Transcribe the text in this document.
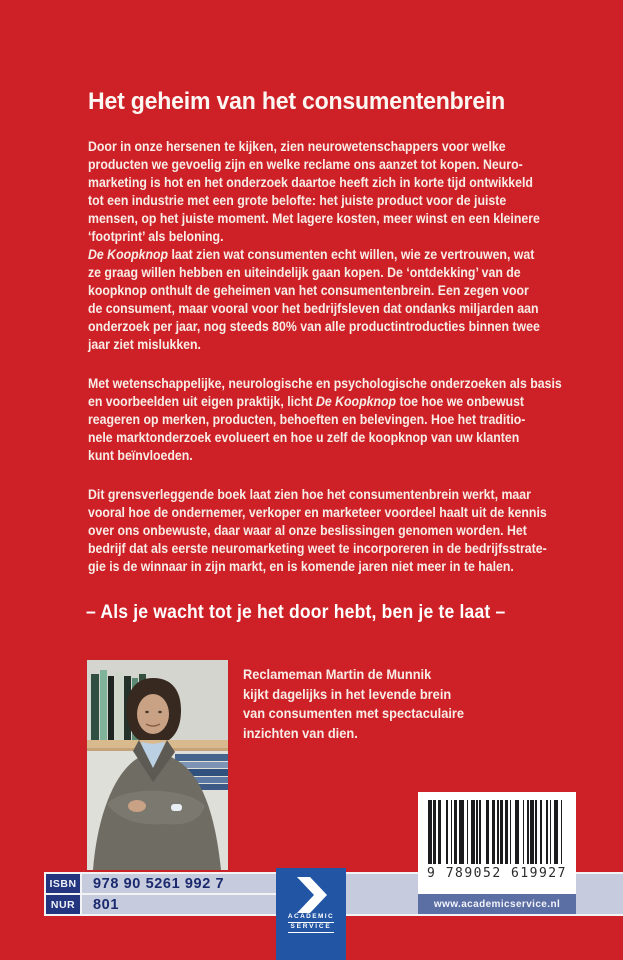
Het geheim van het consumentenbrein

Door in onze hersenen te kijken, zien neurowetenschappers voor welke
producten we gevoelig zijn en welke reclame ons aanzet tot kopen. Neuro-
marketing is hot en het onderzoek daartoe heeft zich in korte tijd ontwikkeld
tot een industrie met een grote belofte: het juiste product voor de juiste
mensen, op het juiste moment. Met lagere kosten, meer winst en een kleinere
‘footprint’ als beloning.
De Koopknop laat zien wat consumenten echt willen, wie ze vertrouwen, wat
ze graag willen hebben en uiteindelijk gaan kopen. De ‘ontdekking’ van de
koopknop onthult de geheimen van het consumentenbrein. Een zegen voor
de consument, maar vooral voor het bedrijfsleven dat ondanks miljarden aan
onderzoek per jaar, nog steeds 80% van alle productintroducties binnen twee
jaar ziet mislukken.

Met wetenschappelijke, neurologische en psychologische onderzoeken als basis
en voorbeelden uit eigen praktijk, licht De Koopknop toe hoe we onbewust
reageren op merken, producten, behoeften en belevingen. Hoe het traditio-
nele marktonderzoek evolueert en hoe u zelf de koopknop van uw klanten
kunt beïnvloeden.

Dit grensverleggende boek laat zien hoe het consumentenbrein werkt, maar
vooral hoe de ondernemer, verkoper en marketeer voordeel haalt uit de kennis
over ons onbewuste, daar waar al onze beslissingen genomen worden. Het
bedrijf dat als eerste neuromarketing weet te incorporeren in de bedrijfsstrate-
gie is de winnaar in zijn markt, en is komende jaren niet meer in te halen.

– Als je wacht tot je het door hebt, ben je te laat –
Reclameman Martin de Munnik
kijkt dagelijks in het levende brein
van consumenten met spectaculaire
inzichten van dien.
ISBN	978 90 5261 992 7
NUR	801
ACADEMIC
SERVICE
9 789052 619927
www.academicservice.nl
